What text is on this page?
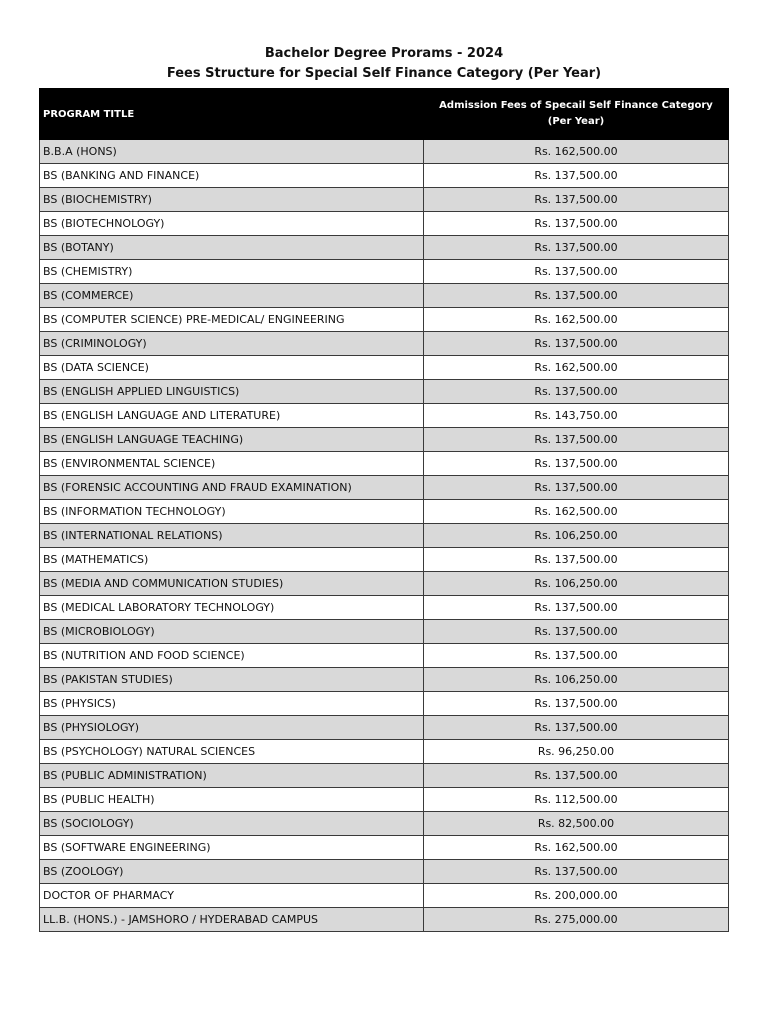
Bachelor Degree Prorams - 2024
Fees Structure for Special Self Finance Category (Per Year)
PROGRAM TITLE	Admission Fees of Specail Self Finance Category (Per Year)
B.B.A (HONS)	Rs. 162,500.00
BS (BANKING AND FINANCE)	Rs. 137,500.00
BS (BIOCHEMISTRY)	Rs. 137,500.00
BS (BIOTECHNOLOGY)	Rs. 137,500.00
BS (BOTANY)	Rs. 137,500.00
BS (CHEMISTRY)	Rs. 137,500.00
BS (COMMERCE)	Rs. 137,500.00
BS (COMPUTER SCIENCE) PRE-MEDICAL/ ENGINEERING	Rs. 162,500.00
BS (CRIMINOLOGY)	Rs. 137,500.00
BS (DATA SCIENCE)	Rs. 162,500.00
BS (ENGLISH APPLIED LINGUISTICS)	Rs. 137,500.00
BS (ENGLISH LANGUAGE AND LITERATURE)	Rs. 143,750.00
BS (ENGLISH LANGUAGE TEACHING)	Rs. 137,500.00
BS (ENVIRONMENTAL SCIENCE)	Rs. 137,500.00
BS (FORENSIC ACCOUNTING AND FRAUD EXAMINATION)	Rs. 137,500.00
BS (INFORMATION TECHNOLOGY)	Rs. 162,500.00
BS (INTERNATIONAL RELATIONS)	Rs. 106,250.00
BS (MATHEMATICS)	Rs. 137,500.00
BS (MEDIA AND COMMUNICATION STUDIES)	Rs. 106,250.00
BS (MEDICAL LABORATORY TECHNOLOGY)	Rs. 137,500.00
BS (MICROBIOLOGY)	Rs. 137,500.00
BS (NUTRITION AND FOOD SCIENCE)	Rs. 137,500.00
BS (PAKISTAN STUDIES)	Rs. 106,250.00
BS (PHYSICS)	Rs. 137,500.00
BS (PHYSIOLOGY)	Rs. 137,500.00
BS (PSYCHOLOGY) NATURAL SCIENCES	Rs. 96,250.00
BS (PUBLIC ADMINISTRATION)	Rs. 137,500.00
BS (PUBLIC HEALTH)	Rs. 112,500.00
BS (SOCIOLOGY)	Rs. 82,500.00
BS (SOFTWARE ENGINEERING)	Rs. 162,500.00
BS (ZOOLOGY)	Rs. 137,500.00
DOCTOR OF PHARMACY	Rs. 200,000.00
LL.B. (HONS.) - JAMSHORO / HYDERABAD CAMPUS	Rs. 275,000.00
